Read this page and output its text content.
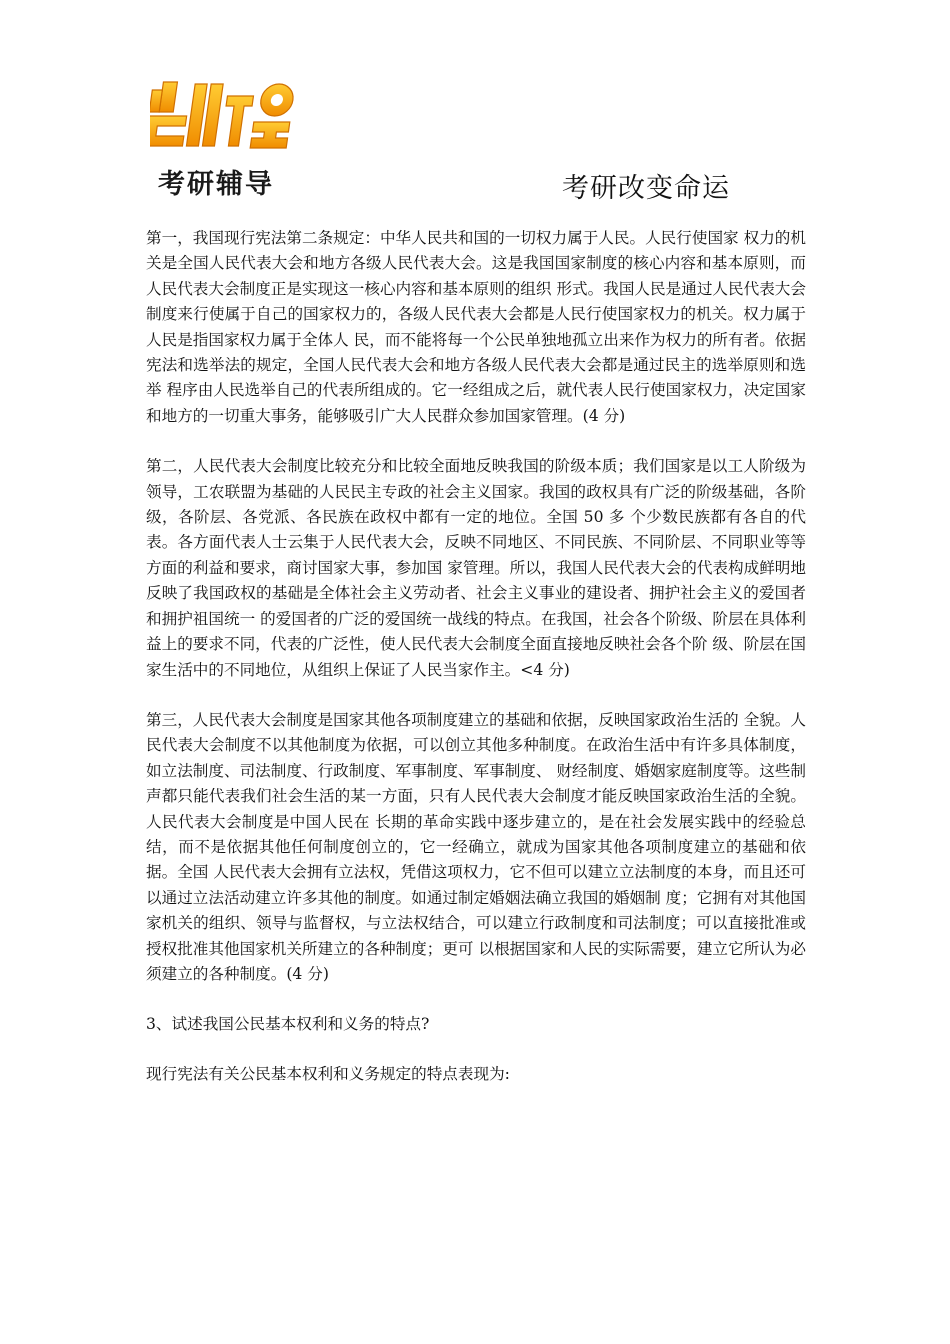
考研辅导	考研改变命运

第一，我国现行宪法第二条规定：中华人民共和国的一切权力属于人民。人民行使国家 权力的机关是全国人民代表大会和地方各级人民代表大会。这是我国国家制度的核心内容和基本原则，而人民代表大会制度正是实现这一核心内容和基本原则的组织 形式。我国人民是通过人民代表大会制度来行使属于自己的国家权力的，各级人民代表大会都是人民行使国家权力的机关。权力属于人民是指国家权力属于全体人 民，而不能将每一个公民单独地孤立出来作为权力的所有者。依据宪法和选举法的规定，全国人民代表大会和地方各级人民代表大会都是通过民主的选举原则和选举 程序由人民选举自己的代表所组成的。它一经组成之后，就代表人民行使国家权力，决定国家和地方的一切重大事务，能够吸引广大人民群众参加国家管理。(4 分)

第二，人民代表大会制度比较充分和比较全面地反映我国的阶级本质；我们国家是以工人阶级为领导，工农联盟为基础的人民民主专政的社会主义国家。我国的政权具有广泛的阶级基础，各阶级，各阶层、各党派、各民族在政权中都有一定的地位。全国 50 多 个少数民族都有各自的代表。各方面代表人士云集于人民代表大会，反映不同地区、不同民族、不同阶层、不同职业等等方面的利益和要求，商讨国家大事，参加国 家管理。所以，我国人民代表大会的代表构成鲜明地反映了我国政权的基础是全体社会主义劳动者、社会主义事业的建设者、拥护社会主义的爱国者和拥护祖国统一 的爱国者的广泛的爱国统一战线的特点。在我国，社会各个阶级、阶层在具体利益上的要求不同，代表的广泛性，使人民代表大会制度全面直接地反映社会各个阶 级、阶层在国家生活中的不同地位，从组织上保证了人民当家作主。<4 分)

第三，人民代表大会制度是国家其他各项制度建立的基础和依据，反映国家政治生活的 全貌。人民代表大会制度不以其他制度为依据，可以创立其他多种制度。在政治生活中有许多具体制度，如立法制度、司法制度、行政制度、军事制度、军事制度、 财经制度、婚姻家庭制度等。这些制声都只能代表我们社会生活的某一方面，只有人民代表大会制度才能反映国家政治生活的全貌。人民代表大会制度是中国人民在 长期的革命实践中逐步建立的，是在社会发展实践中的经验总结，而不是依据其他任何制度创立的，它一经确立，就成为国家其他各项制度建立的基础和依据。全国 人民代表大会拥有立法权，凭借这项权力，它不但可以建立立法制度的本身，而且还可以通过立法活动建立许多其他的制度。如通过制定婚姻法确立我国的婚姻制 度；它拥有对其他国家机关的组织、领导与监督权，与立法权结合，可以建立行政制度和司法制度；可以直接批准或授权批准其他国家机关所建立的各种制度；更可 以根据国家和人民的实际需要，建立它所认为必须建立的各种制度。(4 分)

3、试述我国公民基本权利和义务的特点?

现行宪法有关公民基本权利和义务规定的特点表现为:
